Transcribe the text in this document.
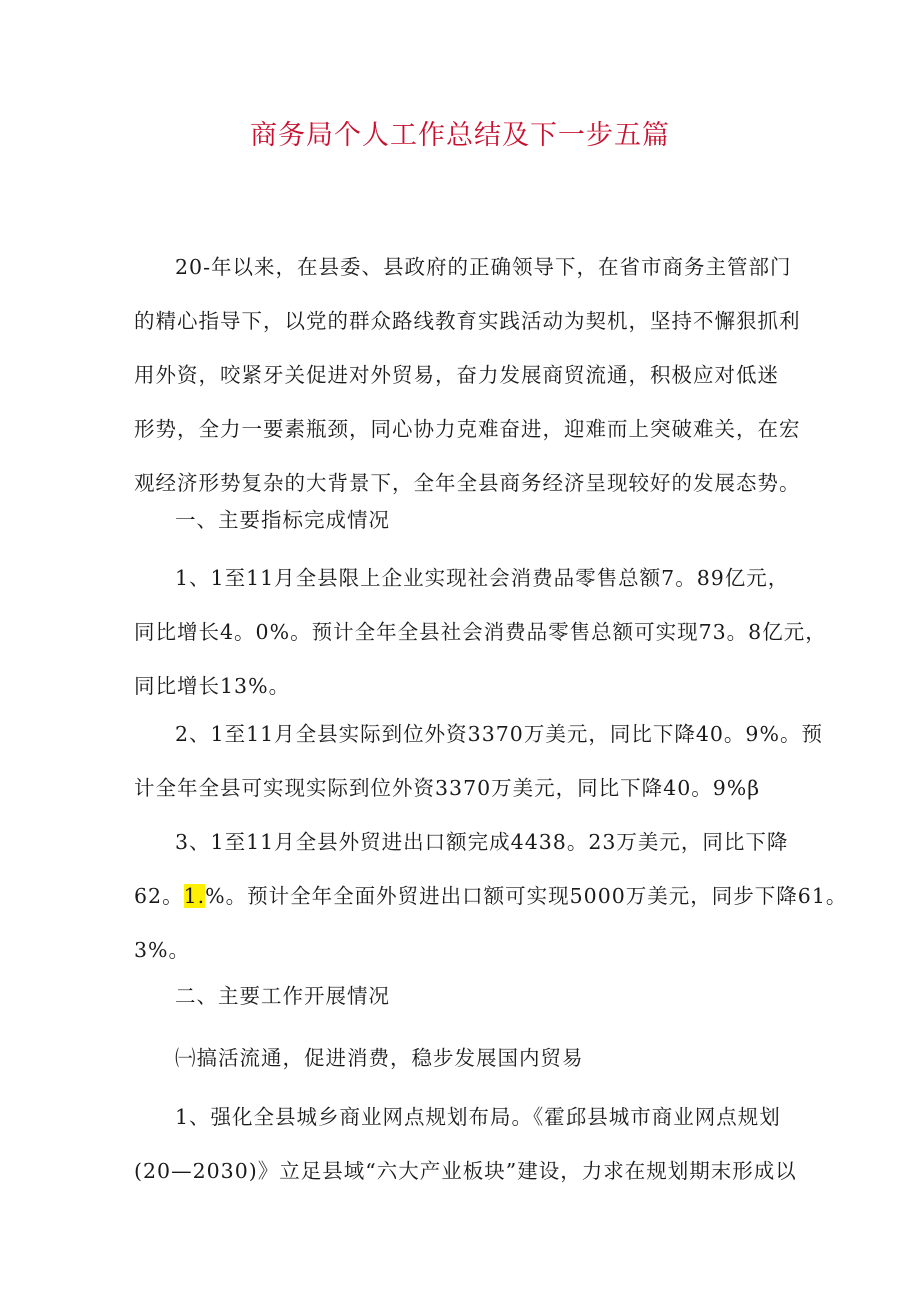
商务局个人工作总结及下一步五篇
20-年以来，在县委、县政府的正确领导下，在省市商务主管部门
的精心指导下，以党的群众路线教育实践活动为契机，坚持不懈狠抓利
用外资，咬紧牙关促进对外贸易，奋力发展商贸流通，积极应对低迷
形势，全力一要素瓶颈，同心协力克难奋进，迎难而上突破难关，在宏
观经济形势复杂的大背景下，全年全县商务经济呈现较好的发展态势。
一、主要指标完成情况
1、1至11月全县限上企业实现社会消费品零售总额7。89亿元，
同比增长4。0%。预计全年全县社会消费品零售总额可实现73。8亿元，
同比增长13%。
2、1至11月全县实际到位外资3370万美元，同比下降40。9%。预
计全年全县可实现实际到位外资3370万美元，同比下降40。9%β
3、1至11月全县外贸进出口额完成4438。23万美元，同比下降
62。1.%。预计全年全面外贸进出口额可实现5000万美元，同步下降61。
3%。
二、主要工作开展情况
㈠搞活流通，促进消费，稳步发展国内贸易
1、强化全县城乡商业网点规划布局。《霍邱县城市商业网点规划
(20—2030)》立足县域“六大产业板块”建设，力求在规划期末形成以
